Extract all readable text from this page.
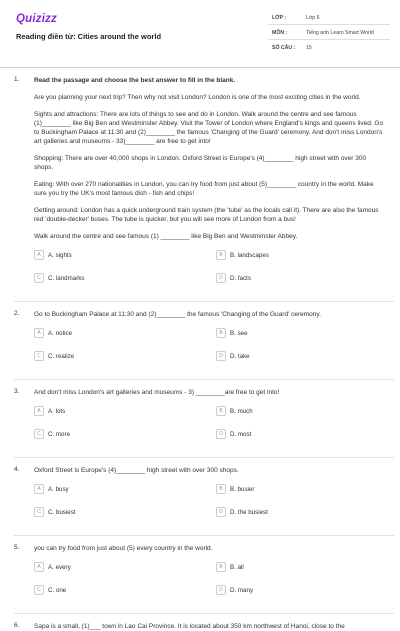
Quizizz
Reading điền từ: Cities around the world
LỚP :	Lớp 6
MÔN :	Tiếng anh Learn Smart World
SỐ CÂU : 15
1. Read the passage and choose the best answer to fill in the blank.
Are you planning your next trip? Then why not visit London? London is one of the most exciting cities in the world.
Sights and attractions: There are lots of things to see and do in London. Walk around the centre and see famous (1)________ like Big Ben and Westminster Abbey. Visit the Tower of London where England's kings and queens lived. Go to Buckingham Palace at 11:30 and (2)________ the famous 'Changing of the Guard' ceremony. And don't miss London's art galleries and museums - 33)________ are free to get into!
Shopping: There are over 40,000 shops in London. Oxford Street is Europe's (4)________ high street with over 300 shops.
Eating: With over 270 nationalities in London, you can try food from just about (5)________ country in the world. Make sure you try the UK's most famous dish - fish and chips!
Getting around: London has a quick underground train system (the 'tube' as the locals call it). There are also the famous red 'double-decker' buses. The tube is quicker, but you will see more of London from a bus!
Walk around the centre and see famous (1) ________ like Big Ben and Westminster Abbey.
A	A. sights	B	B. landscapes
C	C. landmarks	D	D. facts
2. Go to Buckingham Palace at 11:30 and (2)________ the famous 'Changing of the Guard' ceremony.
A	A. notice	B	B. see
C	C. realize	D	D. take
3. And don't miss London's art galleries and museums - 3) ________are free to get into!
A	A. lots	B	B. much
C	C. more	D	D. most
4. Oxford Street is Europe's (4)________ high street with over 300 shops.
A	A. busy	B	B. busier
C	C. busiest	D	D. the busiest
5. you can try food from just about (5) every country in the world.
A	A. every	B	B. all
C	C. one	D	D. many
6. Sapa is a small, (1)___ town in Lao Cai Province. It is located about 350 km northwest of Hanoi, close to the
